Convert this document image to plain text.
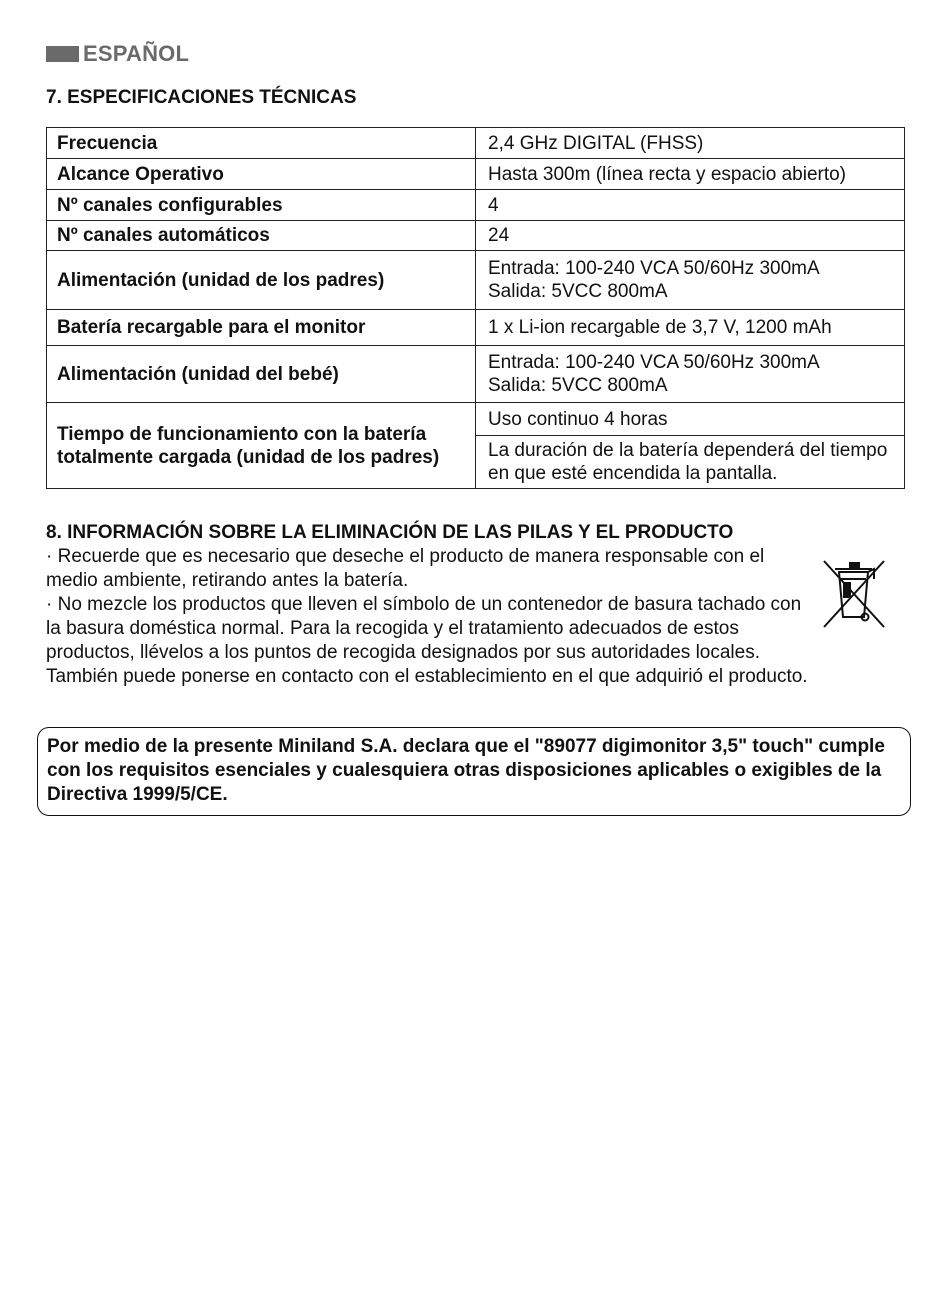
ESPAÑOL
7. ESPECIFICACIONES TÉCNICAS
Frecuencia	2,4 GHz DIGITAL (FHSS)
Alcance Operativo	Hasta 300m (línea recta y espacio abierto)
Nº canales configurables	4
Nº canales automáticos	24
Alimentación (unidad de los padres)	Entrada: 100-240 VCA 50/60Hz 300mA
Salida: 5VCC 800mA

Batería recargable para el monitor	1 x Li-ion recargable de 3,7 V, 1200 mAh
Alimentación (unidad del bebé)	Entrada: 100-240 VCA 50/60Hz 300mA
Salida: 5VCC 800mA

Tiempo de funcionamiento con la batería totalmente cargada (unidad de los padres)	Uso continuo 4 horas
	La duración de la batería dependerá del tiempo en que esté encendida la pantalla.
8. INFORMACIÓN SOBRE LA ELIMINACIÓN DE LAS PILAS Y EL PRODUCTO

· Recuerde que es necesario que deseche el producto de manera responsable con el medio ambiente, retirando antes la batería.

· No mezcle los productos que lleven el símbolo de un contenedor de basura tachado con la basura doméstica normal. Para la recogida y el tratamiento adecuados de estos productos, llévelos a los puntos de recogida designados por sus autoridades locales. También puede ponerse en contacto con el establecimiento en el que adquirió el producto.

Por medio de la presente Miniland S.A. declara que el "89077 digimonitor 3,5" touch" cumple con los requisitos esenciales y cualesquiera otras disposiciones aplicables o exigibles de la Directiva 1999/5/CE.
